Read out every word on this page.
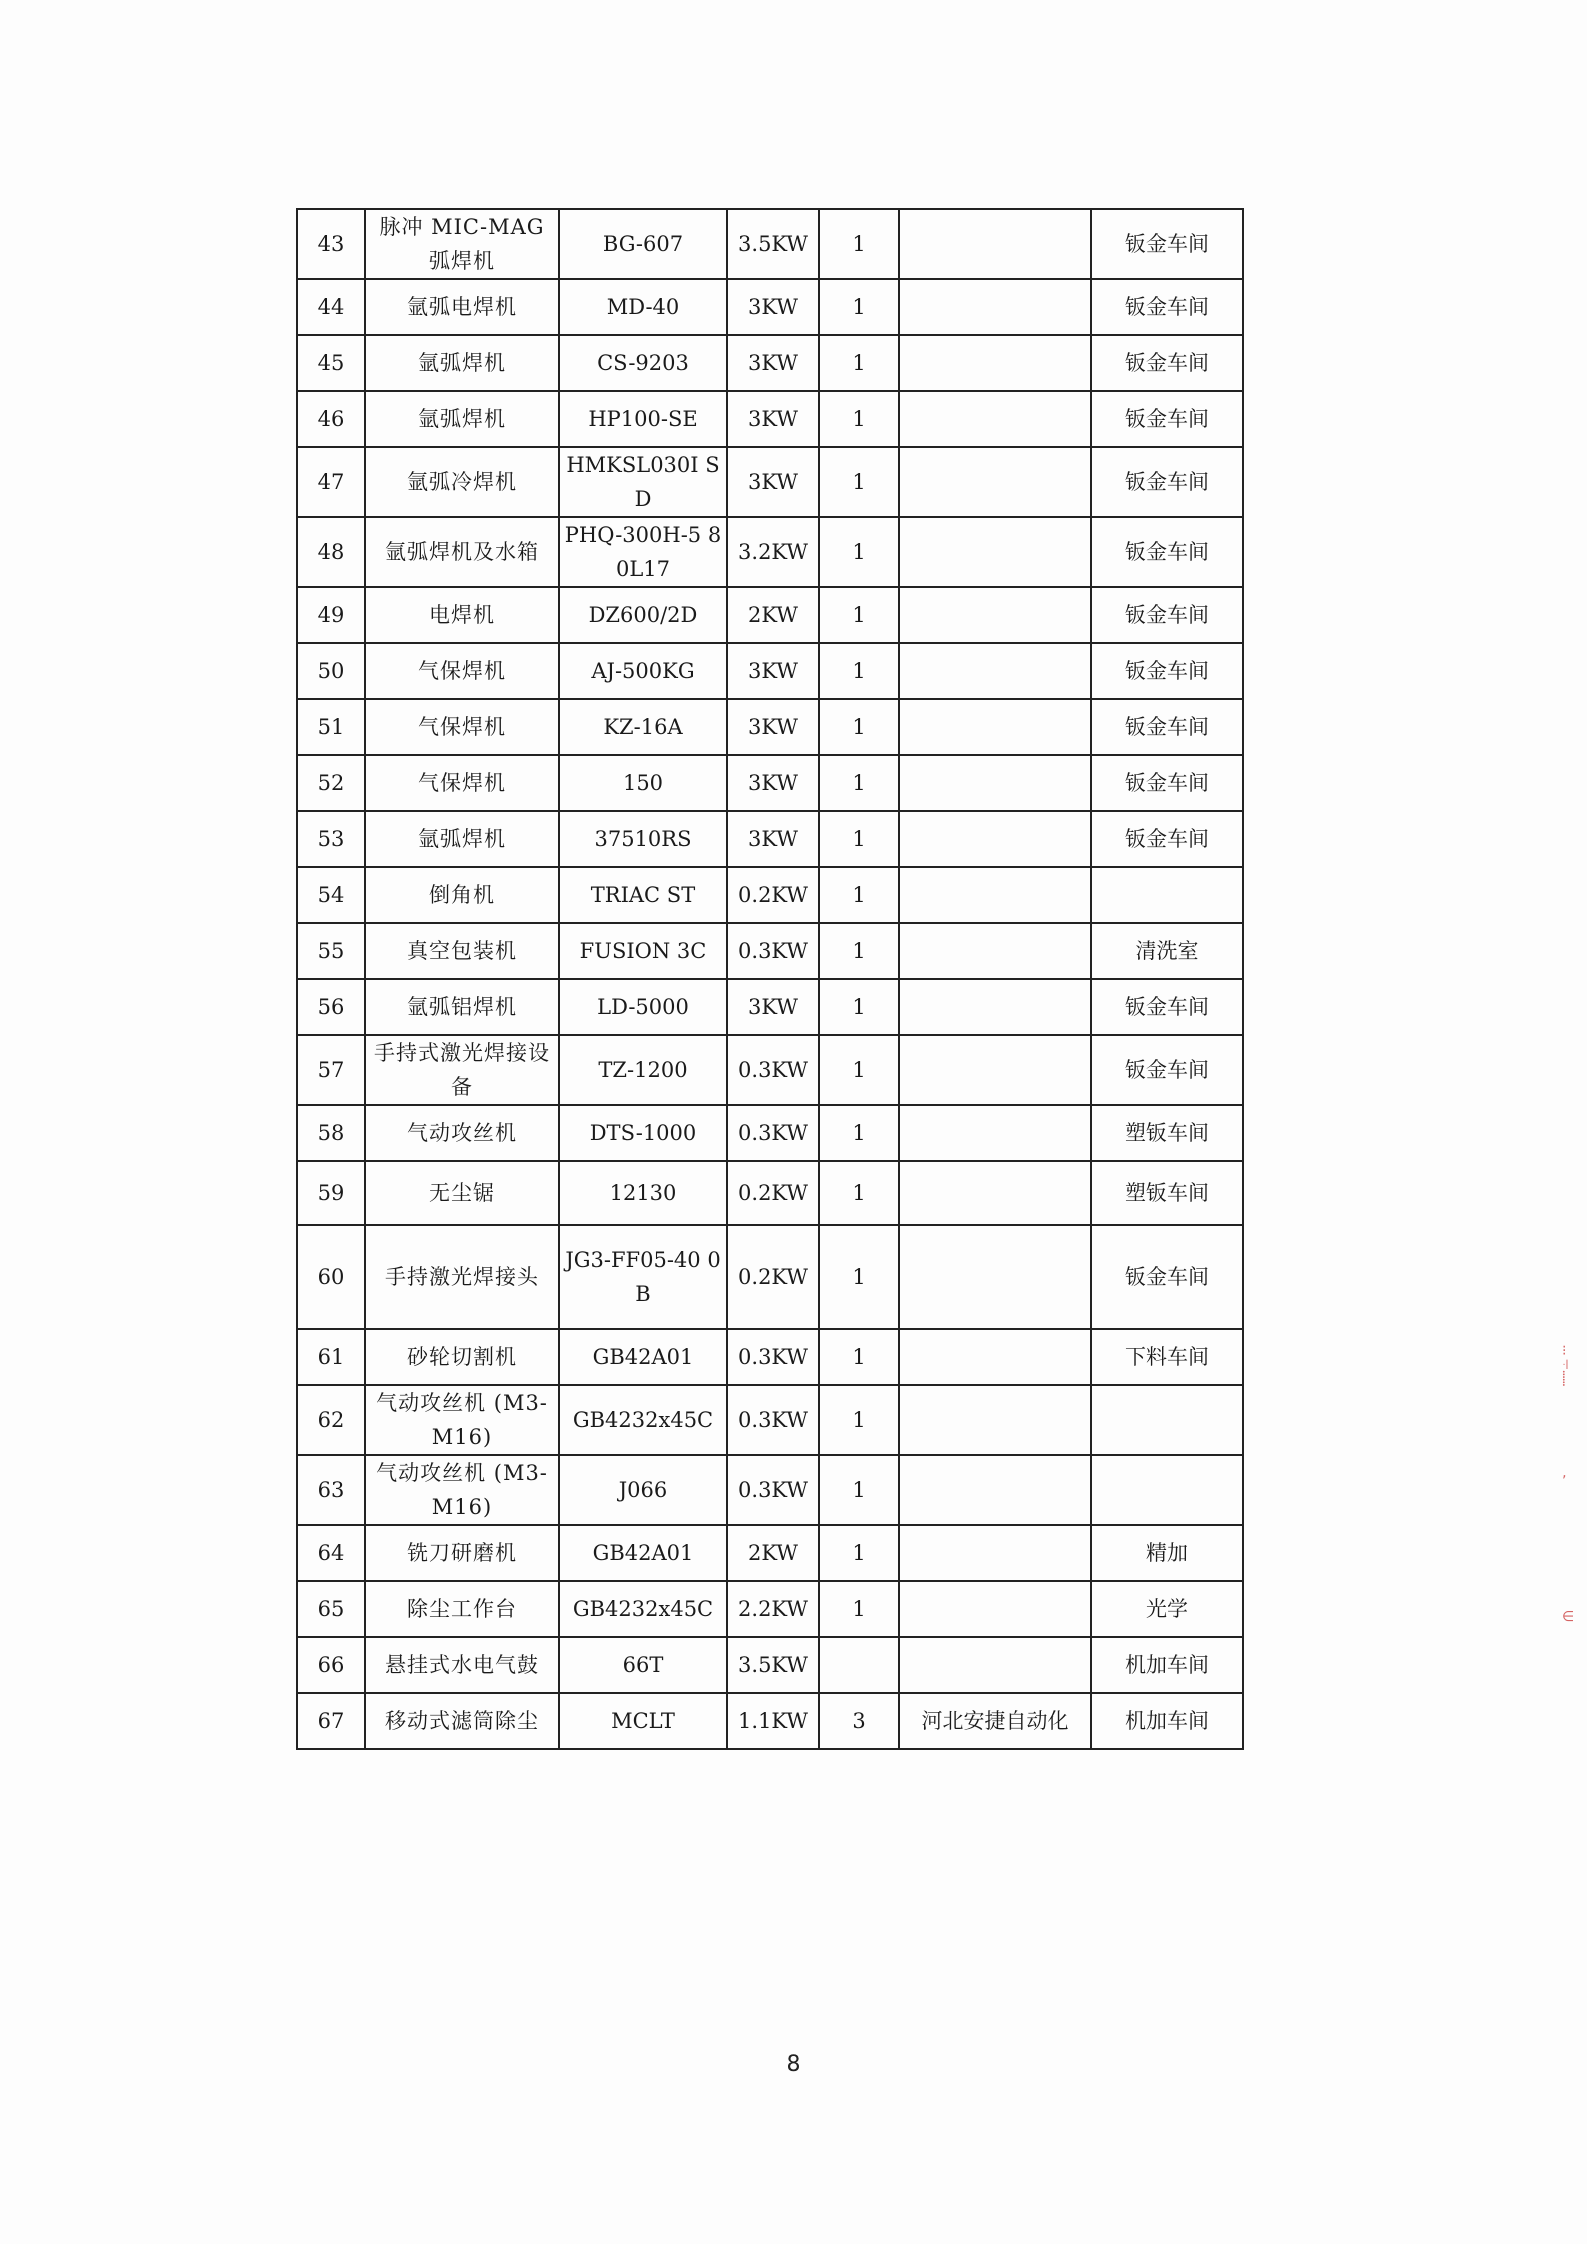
43	脉冲 MIC-MAG 弧焊机	BG-607	3.5KW	1		钣金车间
44	氩弧电焊机	MD-40	3KW	1		钣金车间
45	氩弧焊机	CS-9203	3KW	1		钣金车间
46	氩弧焊机	HP100-SE	3KW	1		钣金车间
47	氩弧冷焊机	HMKSL030I SD	3KW	1		钣金车间
48	氩弧焊机及水箱	PHQ-300H-5 80L17	3.2KW	1		钣金车间
49	电焊机	DZ600/2D	2KW	1		钣金车间
50	气保焊机	AJ-500KG	3KW	1		钣金车间
51	气保焊机	KZ-16A	3KW	1		钣金车间
52	气保焊机	150	3KW	1		钣金车间
53	氩弧焊机	37510RS	3KW	1		钣金车间
54	倒角机	TRIAC ST	0.2KW	1		
55	真空包装机	FUSION 3C	0.3KW	1		清洗室
56	氩弧铝焊机	LD-5000	3KW	1		钣金车间
57	手持式激光焊接设备	TZ-1200	0.3KW	1		钣金车间
58	气动攻丝机	DTS-1000	0.3KW	1		塑钣车间
59	无尘锯	12130	0.2KW	1		塑钣车间
60	手持激光焊接头	JG3-FF05-40 0B	0.2KW	1		钣金车间
61	砂轮切割机	GB42A01	0.3KW	1		下料车间
62	气动攻丝机 (M3-M16)	GB4232x45C	0.3KW	1		
63	气动攻丝机 (M3-M16)	J066	0.3KW	1		
64	铣刀研磨机	GB42A01	2KW	1		精加
65	除尘工作台	GB4232x45C	2.2KW	1		光学
66	悬挂式水电气鼓	66T	3.5KW			机加车间
67	移动式滤筒除尘	MCLT	1.1KW	3	河北安捷自动化	机加车间
8
⁝
꜊
⸽
‚
∈
